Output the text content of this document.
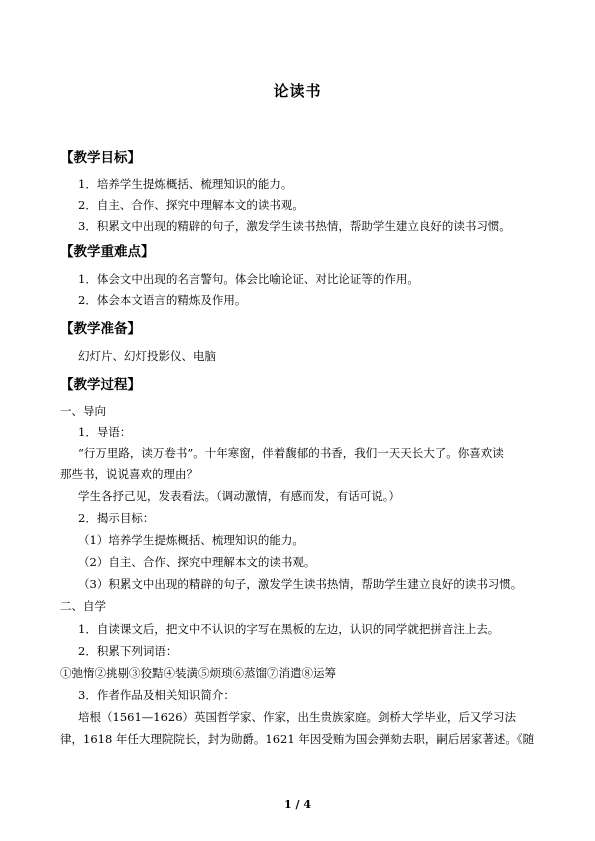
论读书
【教学目标】
1．培养学生提炼概括、梳理知识的能力。
2．自主、合作、探究中理解本文的读书观。
3．积累文中出现的精辟的句子，激发学生读书热情，帮助学生建立良好的读书习惯。
【教学重难点】
1．体会文中出现的名言警句。体会比喻论证、对比论证等的作用。
2．体会本文语言的精炼及作用。
【教学准备】
幻灯片、幻灯投影仪、电脑
【教学过程】
一、导向
1．导语：
“行万里路，读万卷书”。十年寒窗，伴着馥郁的书香，我们一天天长大了。你喜欢读
那些书，说说喜欢的理由？
学生各抒己见，发表看法。（调动激情，有感而发，有话可说。）
2．揭示目标：
（1）培养学生提炼概括、梳理知识的能力。
（2）自主、合作、探究中理解本文的读书观。
（3）积累文中出现的精辟的句子，激发学生读书热情，帮助学生建立良好的读书习惯。
二、自学
1．自读课文后，把文中不认识的字写在黑板的左边，认识的同学就把拼音注上去。
2．积累下列词语：
①弛惰②挑剔③狡黠④装潢⑤烦琐⑥蒸馏⑦消遣⑧运筹
3．作者作品及相关知识简介：
培根（1561—1626）英国哲学家、作家，出生贵族家庭。剑桥大学毕业，后又学习法
律，1618 年任大理院院长，封为勋爵。1621 年因受贿为国会弹劾去职，嗣后居家著述。《随
1 / 4
